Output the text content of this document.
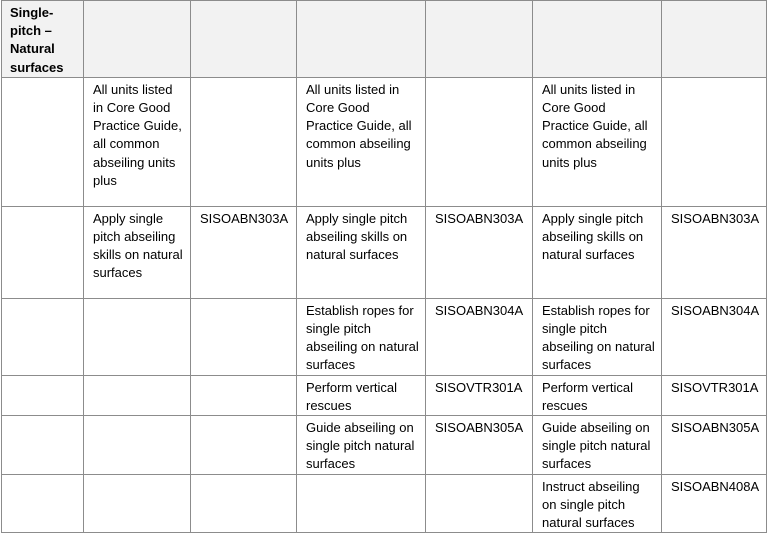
Single-pitch – Natural surfaces						
	All units listed in Core Good Practice Guide, all common abseiling units plus		All units listed in Core Good Practice Guide, all common abseiling units plus		All units listed in Core Good Practice Guide, all common abseiling units plus	
	Apply single pitch abseiling skills on natural surfaces	SISOABN303A	Apply single pitch abseiling skills on natural surfaces	SISOABN303A	Apply single pitch abseiling skills on natural surfaces	SISOABN303A
			Establish ropes for single pitch abseiling on natural surfaces	SISOABN304A	Establish ropes for single pitch abseiling on natural surfaces	SISOABN304A
			Perform vertical rescues	SISOVTR301A	Perform vertical rescues	SISOVTR301A
			Guide abseiling on single pitch natural surfaces	SISOABN305A	Guide abseiling on single pitch natural surfaces	SISOABN305A
					Instruct abseiling on single pitch natural surfaces	SISOABN408A
